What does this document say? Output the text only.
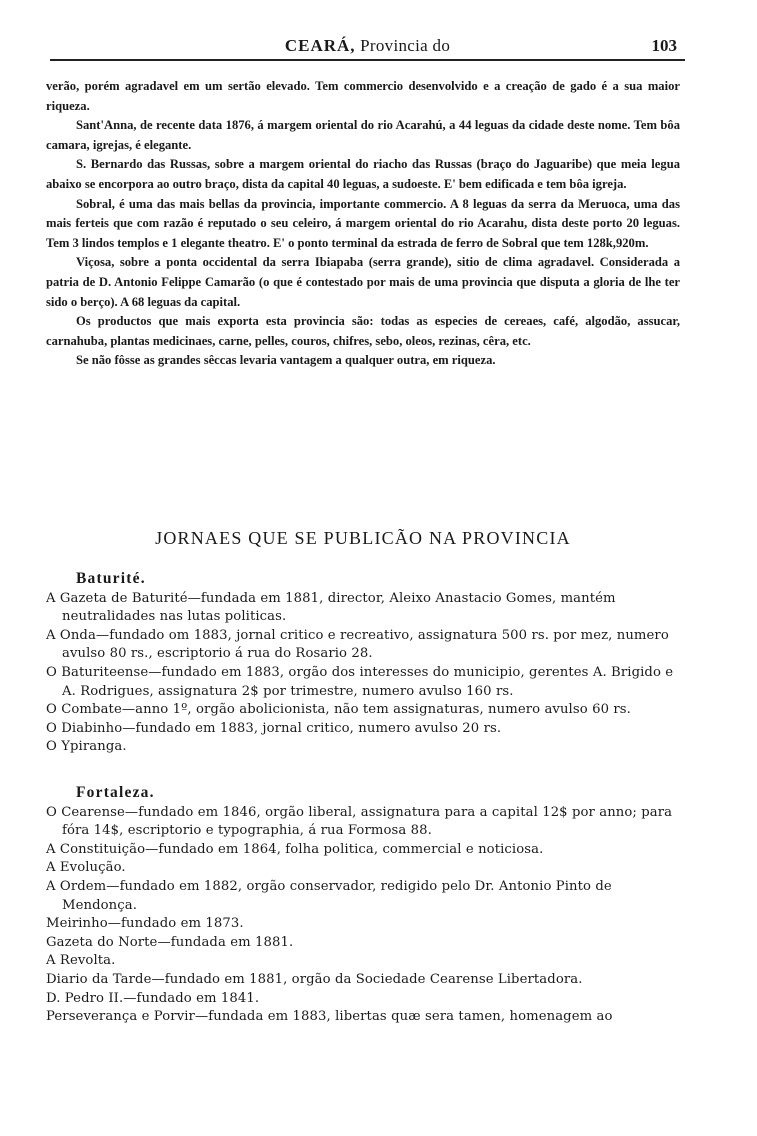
CEARÁ, Provincia do	103

verão, porém agradavel em um sertão elevado. Tem commercio desenvolvido e a creação de gado é a sua maior riqueza.

Sant'Anna, de recente data 1876, á margem oriental do rio Acarahú, a 44 leguas da cidade deste nome. Tem bôa camara, igrejas, é elegante.

S. Bernardo das Russas, sobre a margem oriental do riacho das Russas (braço do Jaguaribe) que meia legua abaixo se encorpora ao outro braço, dista da capital 40 leguas, a sudoeste. E' bem edificada e tem bôa igreja.

Sobral, é uma das mais bellas da provincia, importante commercio. A 8 leguas da serra da Meruoca, uma das mais ferteis que com razão é reputado o seu celeiro, á margem oriental do rio Acarahu, dista deste porto 20 leguas. Tem 3 lindos templos e 1 elegante theatro. E' o ponto terminal da estrada de ferro de Sobral que tem 128k,920m.

Viçosa, sobre a ponta occidental da serra Ibiapaba (serra grande), sitio de clima agradavel. Considerada a patria de D. Antonio Felippe Camarão (o que é contestado por mais de uma provincia que disputa a gloria de lhe ter sido o berço). A 68 leguas da capital.

Os productos que mais exporta esta provincia são: todas as especies de cereaes, café, algodão, assucar, carnahuba, plantas medicinaes, carne, pelles, couros, chifres, sebo, oleos, rezinas, cêra, etc.

Se não fôsse as grandes sêccas levaria vantagem a qualquer outra, em riqueza.

JORNAES QUE SE PUBLICÃO NA PROVINCIA
Baturité.

A Gazeta de Baturité—fundada em 1881, director, Aleixo Anastacio Gomes, mantém neutralidades nas lutas politicas.

A Onda—fundado om 1883, jornal critico e recreativo, assignatura 500 rs. por mez, numero avulso 80 rs., escriptorio á rua do Rosario 28.

O Baturiteense—fundado em 1883, orgão dos interesses do municipio, gerentes A. Brigido e A. Rodrigues, assignatura 2$ por trimestre, numero avulso 160 rs.

O Combate—anno 1º, orgão abolicionista, não tem assignaturas, numero avulso 60 rs.

O Diabinho—fundado em 1883, jornal critico, numero avulso 20 rs.

O Ypiranga.

Fortaleza.

O Cearense—fundado em 1846, orgão liberal, assignatura para a capital 12$ por anno; para fóra 14$, escriptorio e typographia, á rua Formosa 88.

A Constituição—fundado em 1864, folha politica, commercial e noticiosa.

A Evolução.

A Ordem—fundado em 1882, orgão conservador, redigido pelo Dr. Antonio Pinto de Mendonça.

Meirinho—fundado em 1873.

Gazeta do Norte—fundada em 1881.

A Revolta.

Diario da Tarde—fundado em 1881, orgão da Sociedade Cearense Libertadora.

D. Pedro II.—fundado em 1841.

Perseverança e Porvir—fundada em 1883, libertas quæ sera tamen, homenagem ao
